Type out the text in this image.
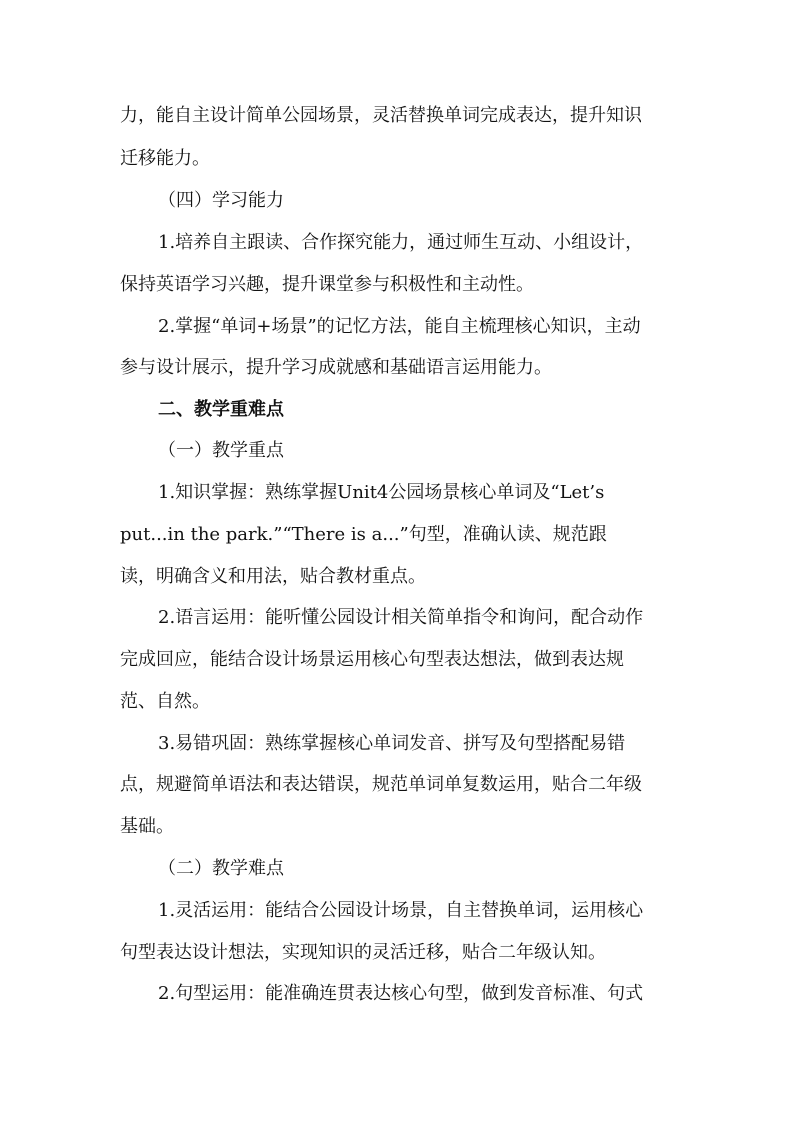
力，能自主设计简单公园场景，灵活替换单词完成表达，提升知识
迁移能力。
（四）学习能力
1.培养自主跟读、合作探究能力，通过师生互动、小组设计，
保持英语学习兴趣，提升课堂参与积极性和主动性。
2.掌握“单词+场景”的记忆方法，能自主梳理核心知识，主动
参与设计展示，提升学习成就感和基础语言运用能力。
二、教学重难点
（一）教学重点
1.知识掌握：熟练掌握Unit4公园场景核心单词及“Let’s
put...in the park.”“There is a...”句型，准确认读、规范跟
读，明确含义和用法，贴合教材重点。
2.语言运用：能听懂公园设计相关简单指令和询问，配合动作
完成回应，能结合设计场景运用核心句型表达想法，做到表达规
范、自然。
3.易错巩固：熟练掌握核心单词发音、拼写及句型搭配易错
点，规避简单语法和表达错误，规范单词单复数运用，贴合二年级
基础。
（二）教学难点
1.灵活运用：能结合公园设计场景，自主替换单词，运用核心
句型表达设计想法，实现知识的灵活迁移，贴合二年级认知。
2.句型运用：能准确连贯表达核心句型，做到发音标准、句式
